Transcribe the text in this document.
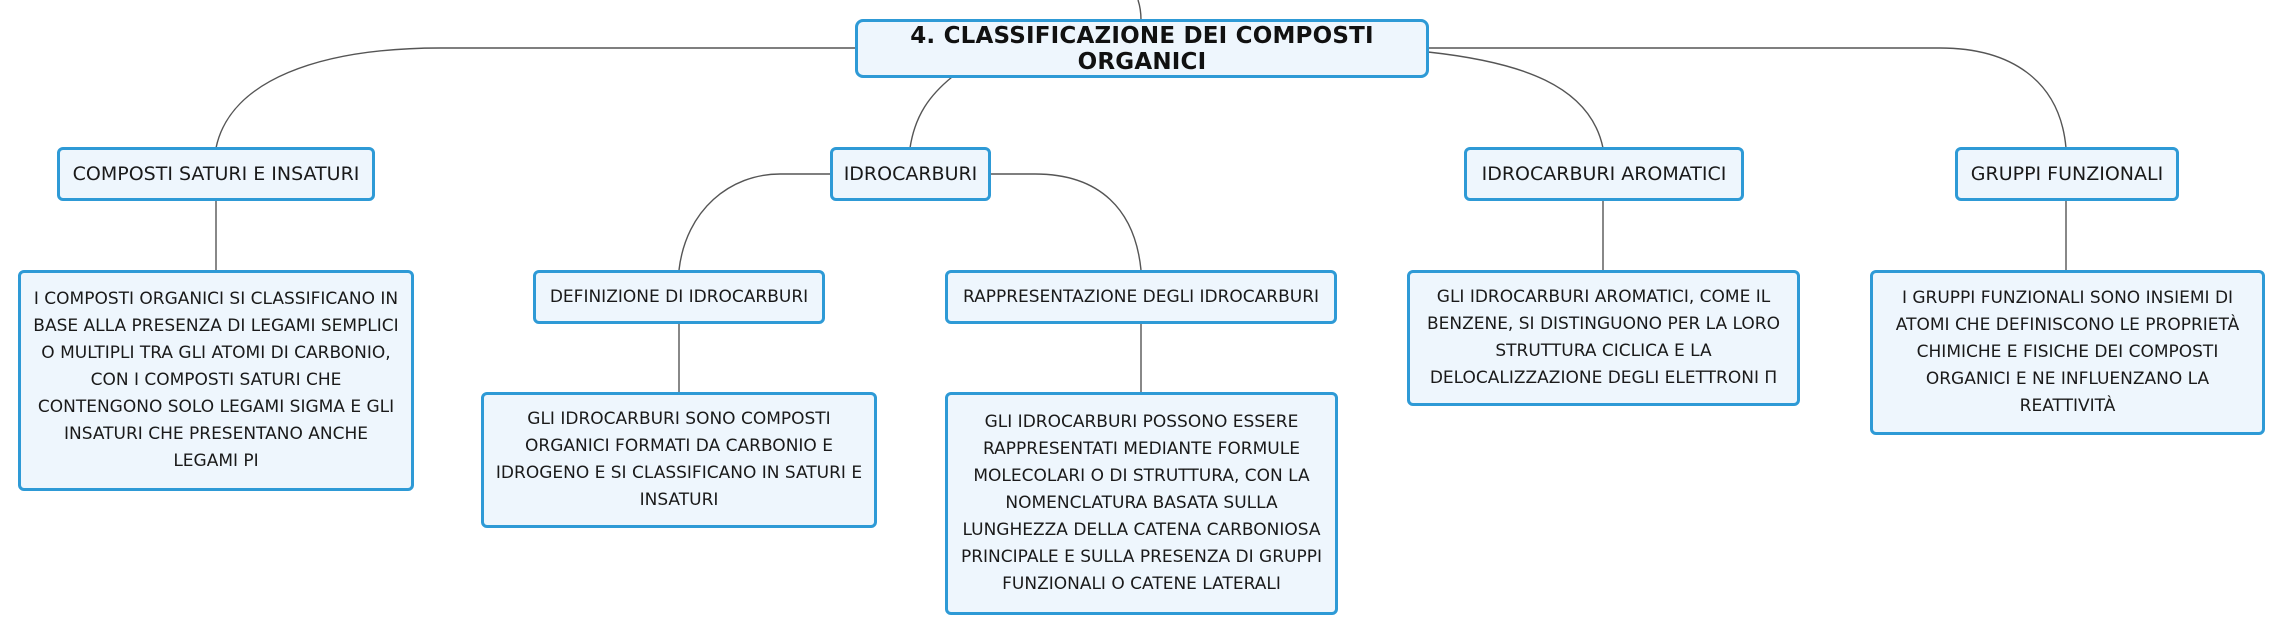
4. CLASSIFICAZIONE DEI COMPOSTI ORGANICI
COMPOSTI SATURI E INSATURI
I COMPOSTI ORGANICI SI CLASSIFICANO IN BASE ALLA PRESENZA DI LEGAMI SEMPLICI O MULTIPLI TRA GLI ATOMI DI CARBONIO, CON I COMPOSTI SATURI CHE CONTENGONO SOLO LEGAMI SIGMA E GLI INSATURI CHE PRESENTANO ANCHE LEGAMI PI
IDROCARBURI
DEFINIZIONE DI IDROCARBURI
GLI IDROCARBURI SONO COMPOSTI ORGANICI FORMATI DA CARBONIO E IDROGENO E SI CLASSIFICANO IN SATURI E INSATURI
RAPPRESENTAZIONE DEGLI IDROCARBURI
GLI IDROCARBURI POSSONO ESSERE RAPPRESENTATI MEDIANTE FORMULE MOLECOLARI O DI STRUTTURA, CON LA NOMENCLATURA BASATA SULLA LUNGHEZZA DELLA CATENA CARBONIOSA PRINCIPALE E SULLA PRESENZA DI GRUPPI FUNZIONALI O CATENE LATERALI
IDROCARBURI AROMATICI
GLI IDROCARBURI AROMATICI, COME IL BENZENE, SI DISTINGUONO PER LA LORO STRUTTURA CICLICA E LA DELOCALIZZAZIONE DEGLI ELETTRONI Π
GRUPPI FUNZIONALI
I GRUPPI FUNZIONALI SONO INSIEMI DI ATOMI CHE DEFINISCONO LE PROPRIETÀ CHIMICHE E FISICHE DEI COMPOSTI ORGANICI E NE INFLUENZANO LA REATTIVITÀ
